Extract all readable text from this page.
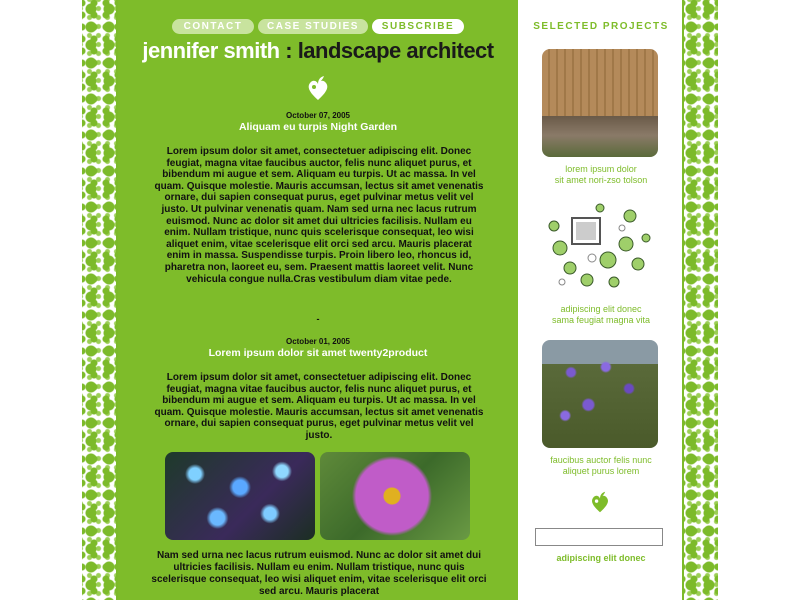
CONTACT	CASE STUDIES	SUBSCRIBE
jennifer smith : landscape architect
October 07, 2005
Aliquam eu turpis Night Garden
Lorem ipsum dolor sit amet, consectetuer adipiscing elit. Donec feugiat, magna vitae faucibus auctor, felis nunc aliquet purus, et bibendum mi augue et sem. Aliquam eu turpis. Ut ac massa. In vel quam. Quisque molestie. Mauris accumsan, lectus sit amet venenatis ornare, dui sapien consequat purus, eget pulvinar metus velit vel justo. Ut pulvinar venenatis quam. Nam sed urna nec lacus rutrum euismod. Nunc ac dolor sit amet dui ultricies facilisis. Nullam eu enim. Nullam tristique, nunc quis scelerisque consequat, leo wisi aliquet enim, vitae scelerisque elit orci sed arcu. Mauris placerat enim in massa. Suspendisse turpis. Proin libero leo, rhoncus id, pharetra non, laoreet eu, sem. Praesent mattis laoreet velit. Nunc vehicula congue nulla.Cras vestibulum diam vitae pede.
-
October 01, 2005
Lorem ipsum dolor sit amet twenty2product
Lorem ipsum dolor sit amet, consectetuer adipiscing elit. Donec feugiat, magna vitae faucibus auctor, felis nunc aliquet purus, et bibendum mi augue et sem. Aliquam eu turpis. Ut ac massa. In vel quam. Quisque molestie. Mauris accumsan, lectus sit amet venenatis ornare, dui sapien consequat purus, eget pulvinar metus velit vel justo.
Nam sed urna nec lacus rutrum euismod. Nunc ac dolor sit amet dui ultricies facilisis. Nullam eu enim. Nullam tristique, nunc quis scelerisque consequat, leo wisi aliquet enim, vitae scelerisque elit orci sed arcu. Mauris placerat
SELECTED PROJECTS
lorem ipsum dolor
sit amet nori-zso tolson
adipiscing elit donec
sama feugiat magna vita
faucibus auctor felis nunc
aliquet purus lorem
adipiscing elit donec
